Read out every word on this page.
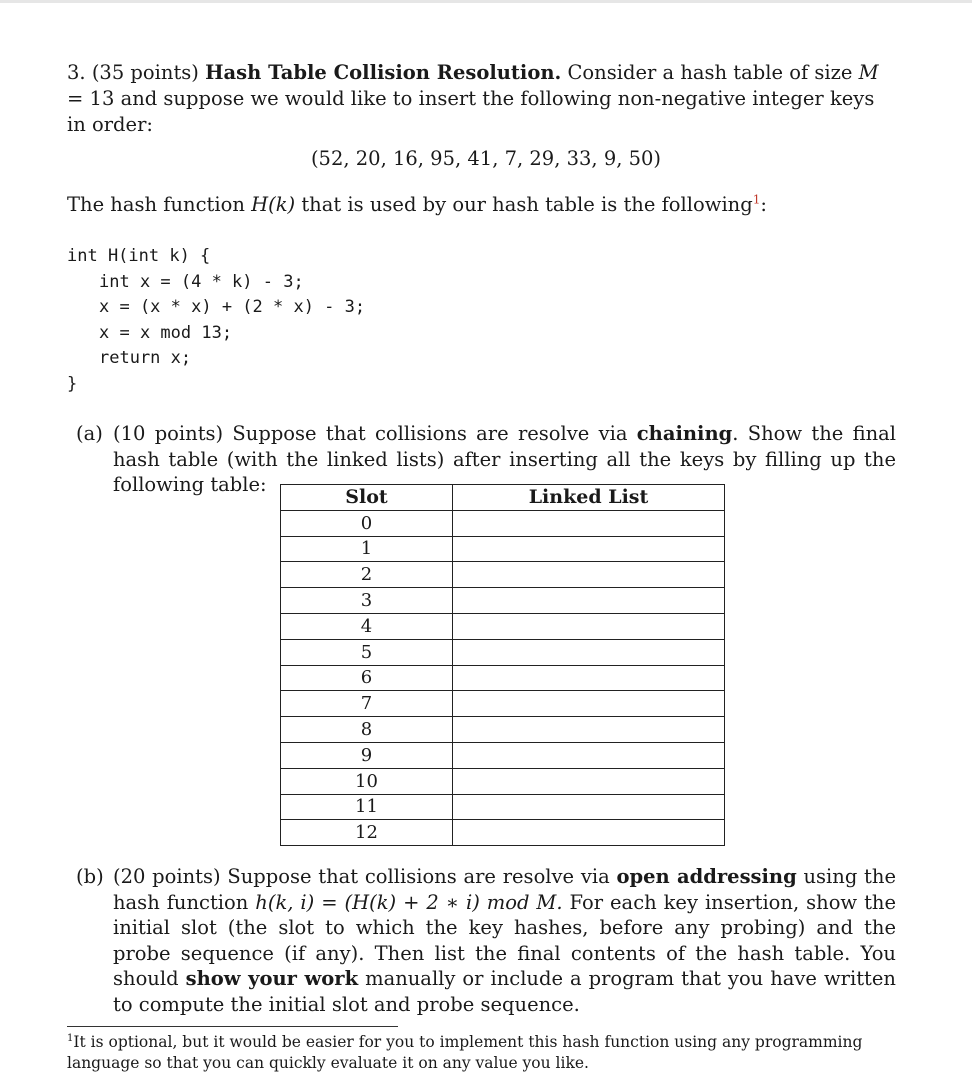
3. (35 points) Hash Table Collision Resolution. Consider a hash table of size M = 13 and suppose we would like to insert the following non-negative integer keys in order:
(52, 20, 16, 95, 41, 7, 29, 33, 9, 50)
The hash function H(k) that is used by our hash table is the following$^1$:
int H(int k) {

int x = (4 * k) - 3;
x = (x * x) + (2 * x) - 3;
x = x mod 13;
return x;
}
(a) (10 points) Suppose that collisions are resolve via chaining. Show the final hash table (with the linked lists) after inserting all the keys by filling up the following table:
Slot	Linked List
0	
1	
2	
3	
4	
5	
6	
7	
8	
9	
10	
11	
12	
(b) (20 points) Suppose that collisions are resolve via open addressing using the hash function h(k, i) = (H(k) + 2 ∗ i) mod M. For each key insertion, show the initial slot (the slot to which the key hashes, before any probing) and the probe sequence (if any). Then list the final contents of the hash table. You should show your work manually or include a program that you have written to compute the initial slot and probe sequence.
$^1$It is optional, but it would be easier for you to implement this hash function using any programming language so that you can quickly evaluate it on any value you like.
